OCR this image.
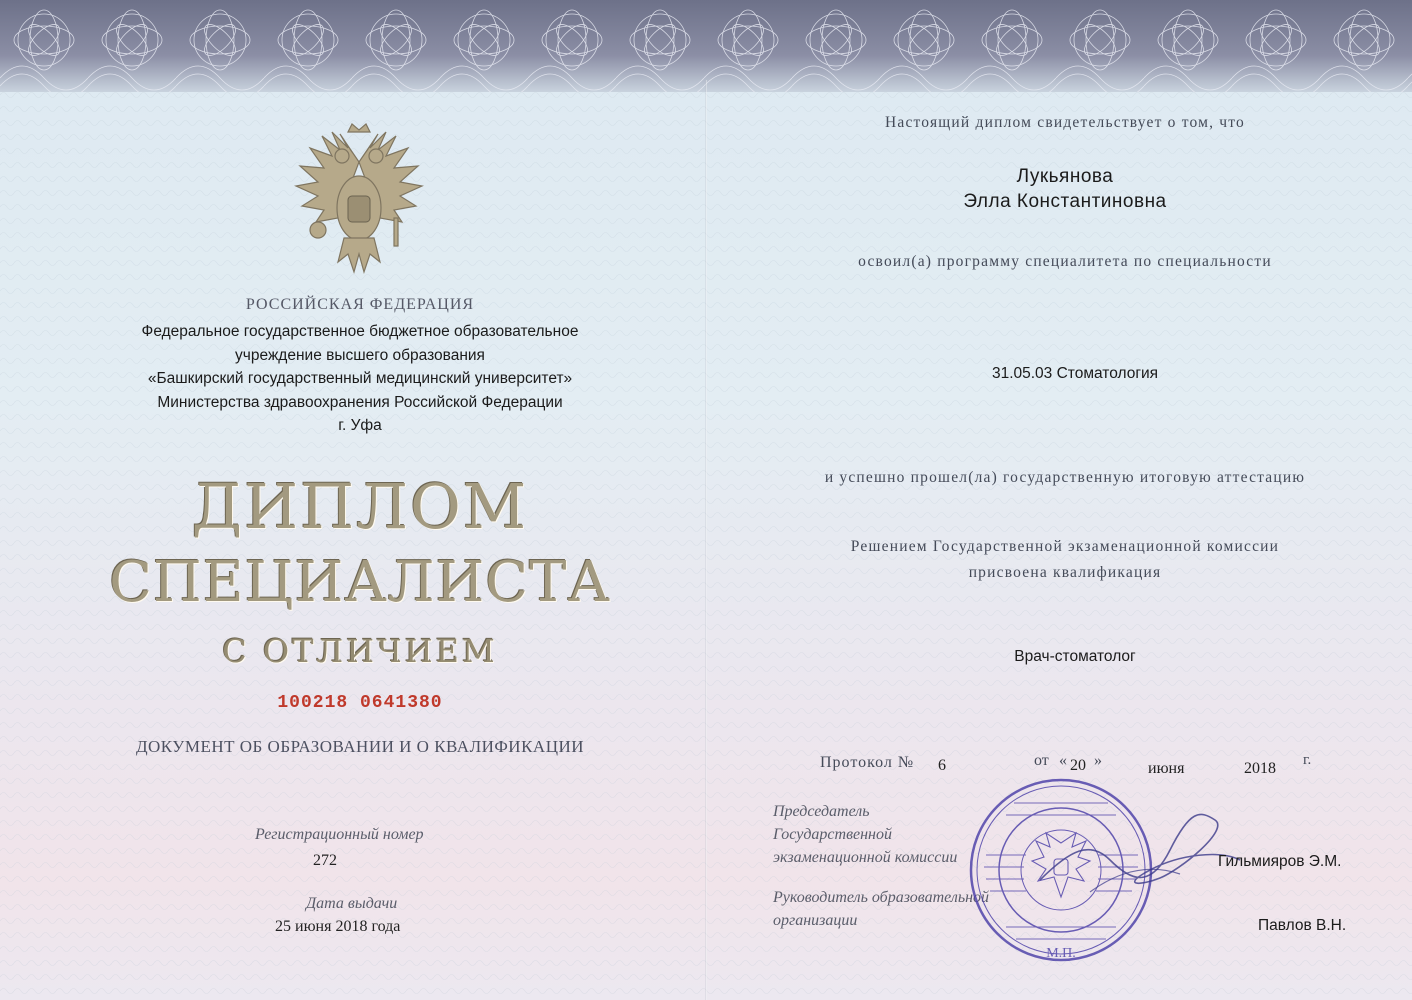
РОССИЙСКАЯ ФЕДЕРАЦИЯ
Федеральное государственное бюджетное образовательное
учреждение высшего образования
«Башкирский государственный медицинский университет»
Министерства здравоохранения Российской Федерации
г. Уфа
ДИПЛОМ
СПЕЦИАЛИСТА
С ОТЛИЧИЕМ
100218 0641380
ДОКУМЕНТ ОБ ОБРАЗОВАНИИ И О КВАЛИФИКАЦИИ
Регистрационный номер
272
Дата выдачи
25 июня 2018 года
Настоящий диплом свидетельствует о том, что
Лукьянова
Элла Константиновна
освоил(а) программу специалитета по специальности
31.05.03 Стоматология
и успешно прошел(ла) государственную итоговую аттестацию
Решением Государственной экзаменационной комиссии
присвоена квалификация
Врач-стоматолог
Протокол № 6	от « 20 »	июня	2018 г.
Председатель
Государственной
экзаменационной комиссии
Руководитель образовательной
организации
М.П.
Гильмияров Э.М.
Павлов В.Н.
